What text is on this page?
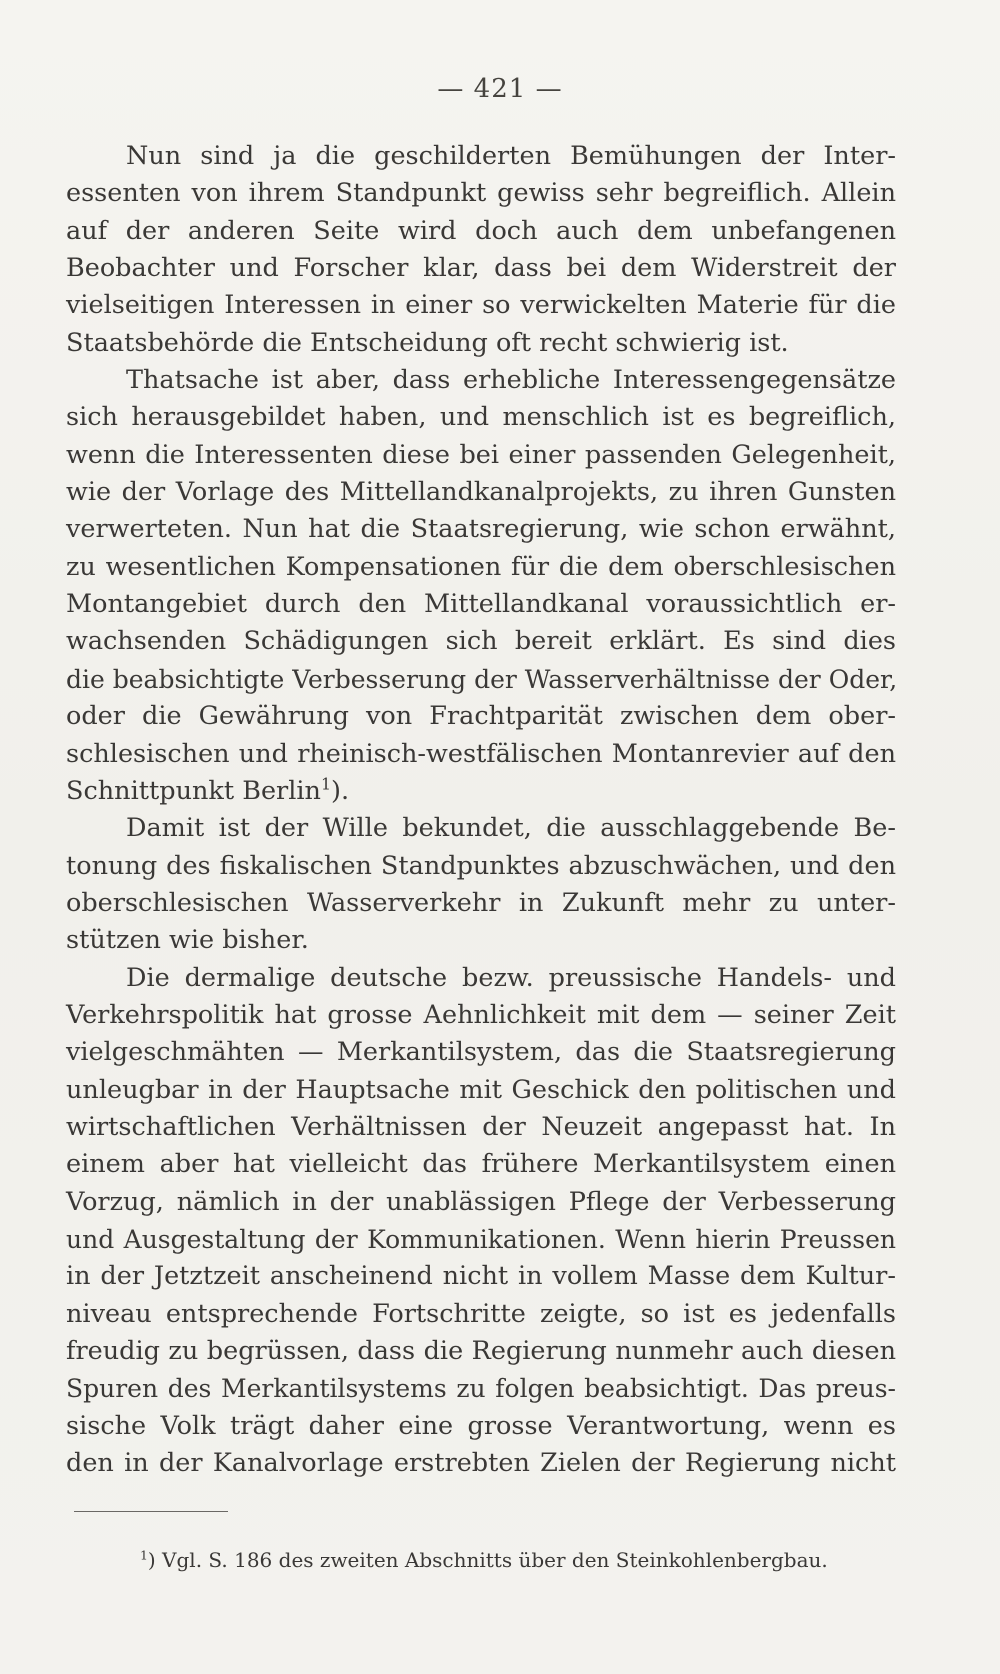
— 421 —
Nun sind ja die geschilderten Bemühungen der Inter-
essenten von ihrem Standpunkt gewiss sehr begreiflich. Allein
auf der anderen Seite wird doch auch dem unbefangenen
Beobachter und Forscher klar, dass bei dem Widerstreit der
vielseitigen Interessen in einer so verwickelten Materie für die
Staatsbehörde die Entscheidung oft recht schwierig ist.
Thatsache ist aber, dass erhebliche Interessengegensätze
sich herausgebildet haben, und menschlich ist es begreiflich,
wenn die Interessenten diese bei einer passenden Gelegenheit,
wie der Vorlage des Mittellandkanalprojekts, zu ihren Gunsten
verwerteten. Nun hat die Staatsregierung, wie schon erwähnt,
zu wesentlichen Kompensationen für die dem oberschlesischen
Montangebiet durch den Mittellandkanal voraussichtlich er-
wachsenden Schädigungen sich bereit erklärt. Es sind dies
die beabsichtigte Verbesserung der Wasserverhältnisse der Oder,
oder die Gewährung von Frachtparität zwischen dem ober-
schlesischen und rheinisch-westfälischen Montanrevier auf den
Schnittpunkt Berlin$^1$).
Damit ist der Wille bekundet, die ausschlaggebende Be-
tonung des fiskalischen Standpunktes abzuschwächen, und den
oberschlesischen Wasserverkehr in Zukunft mehr zu unter-
stützen wie bisher.
Die dermalige deutsche bezw. preussische Handels- und
Verkehrspolitik hat grosse Aehnlichkeit mit dem — seiner Zeit
vielgeschmähten — Merkantilsystem, das die Staatsregierung
unleugbar in der Hauptsache mit Geschick den politischen und
wirtschaftlichen Verhältnissen der Neuzeit angepasst hat. In
einem aber hat vielleicht das frühere Merkantilsystem einen
Vorzug, nämlich in der unablässigen Pflege der Verbesserung
und Ausgestaltung der Kommunikationen. Wenn hierin Preussen
in der Jetztzeit anscheinend nicht in vollem Masse dem Kultur-
niveau entsprechende Fortschritte zeigte, so ist es jedenfalls
freudig zu begrüssen, dass die Regierung nunmehr auch diesen
Spuren des Merkantilsystems zu folgen beabsichtigt. Das preus-
sische Volk trägt daher eine grosse Verantwortung, wenn es
den in der Kanalvorlage erstrebten Zielen der Regierung nicht
$^1$) Vgl. S. 186 des zweiten Abschnitts über den Steinkohlenbergbau.
